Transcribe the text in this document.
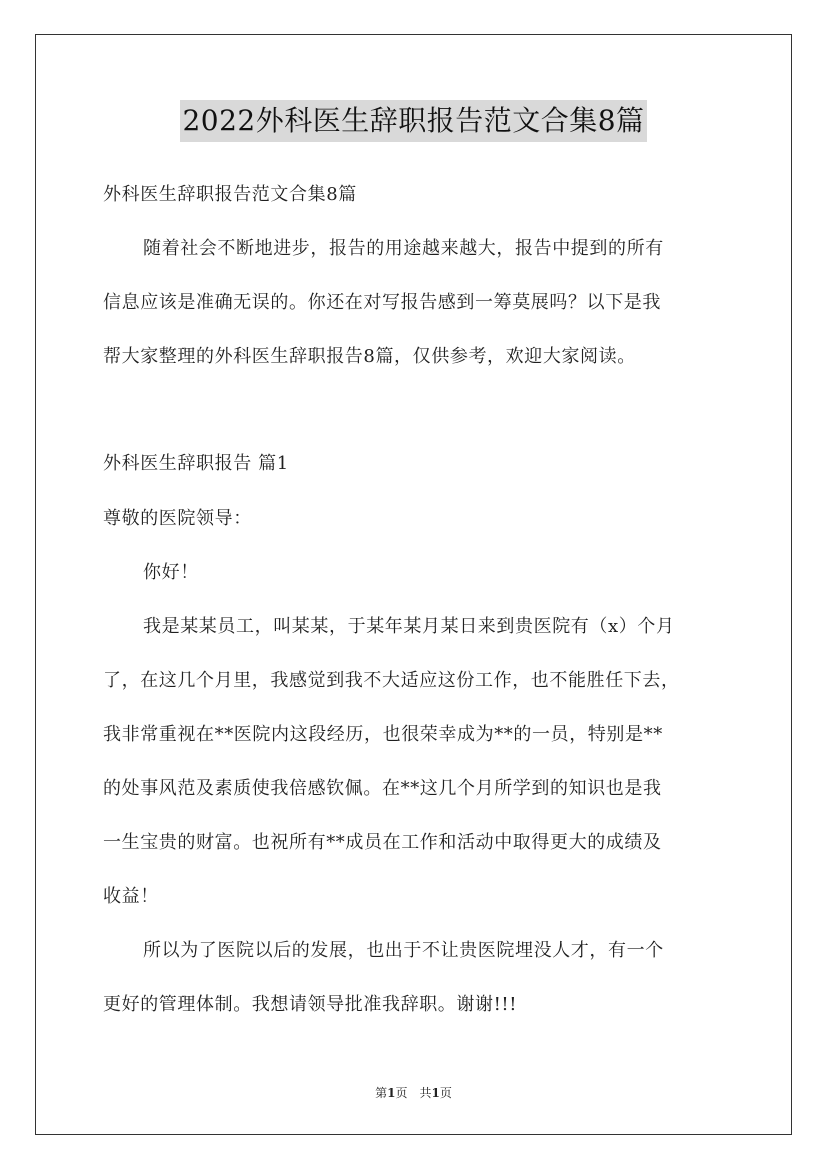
2022外科医生辞职报告范文合集8篇
外科医生辞职报告范文合集8篇
随着社会不断地进步，报告的用途越来越大，报告中提到的所有
信息应该是准确无误的。你还在对写报告感到一筹莫展吗？以下是我
帮大家整理的外科医生辞职报告8篇，仅供参考，欢迎大家阅读。
外科医生辞职报告 篇1
尊敬的医院领导：
你好！
我是某某员工，叫某某，于某年某月某日来到贵医院有（x）个月
了，在这几个月里，我感觉到我不大适应这份工作，也不能胜任下去，
我非常重视在**医院内这段经历，也很荣幸成为**的一员，特别是**
的处事风范及素质使我倍感钦佩。在**这几个月所学到的知识也是我
一生宝贵的财富。也祝所有**成员在工作和活动中取得更大的成绩及
收益！
所以为了医院以后的发展，也出于不让贵医院埋没人才，有一个
更好的管理体制。我想请领导批准我辞职。谢谢!!!
第1页　共1页
